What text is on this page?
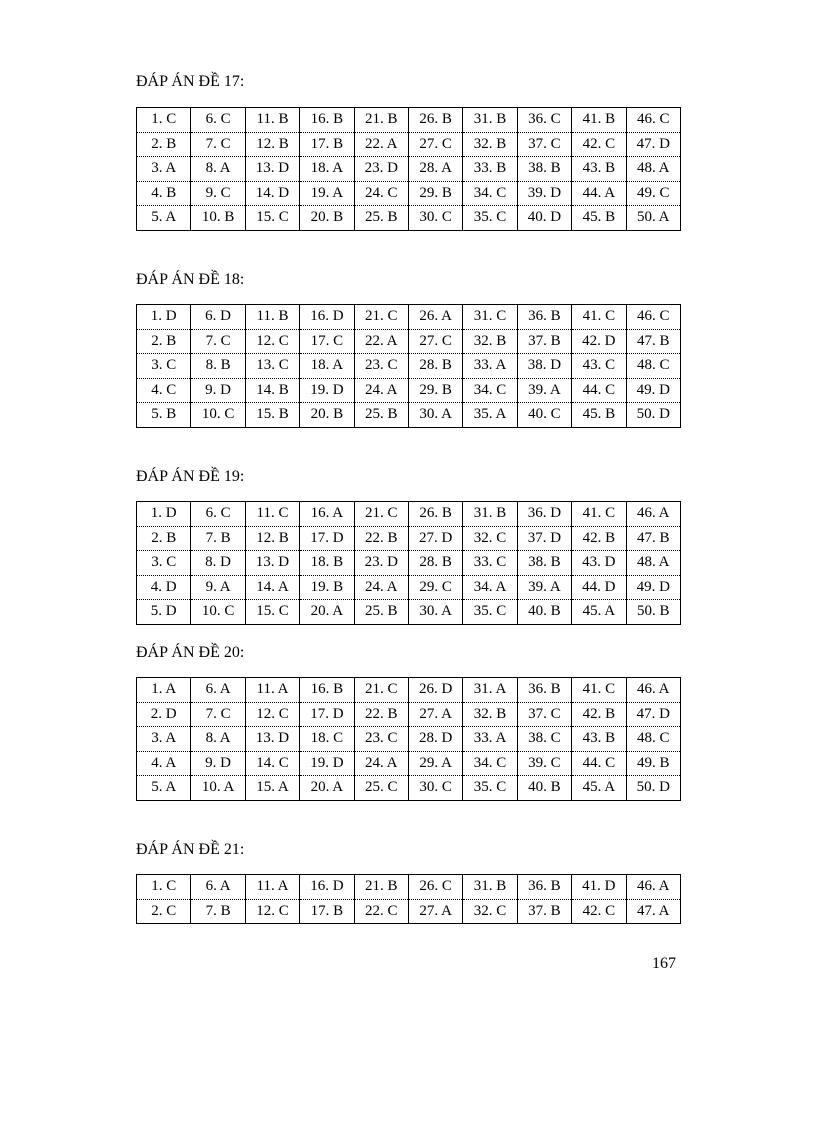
ĐÁP ÁN ĐỀ 17:
1. C	6. C	11. B	16. B	21. B	26. B	31. B	36. C	41. B	46. C
2. B	7. C	12. B	17. B	22. A	27. C	32. B	37. C	42. C	47. D
3. A	8. A	13. D	18. A	23. D	28. A	33. B	38. B	43. B	48. A
4. B	9. C	14. D	19. A	24. C	29. B	34. C	39. D	44. A	49. C
5. A	10. B	15. C	20. B	25. B	30. C	35. C	40. D	45. B	50. A
ĐÁP ÁN ĐỀ 18:
1. D	6. D	11. B	16. D	21. C	26. A	31. C	36. B	41. C	46. C
2. B	7. C	12. C	17. C	22. A	27. C	32. B	37. B	42. D	47. B
3. C	8. B	13. C	18. A	23. C	28. B	33. A	38. D	43. C	48. C
4. C	9. D	14. B	19. D	24. A	29. B	34. C	39. A	44. C	49. D
5. B	10. C	15. B	20. B	25. B	30. A	35. A	40. C	45. B	50. D
ĐÁP ÁN ĐỀ 19:
1. D	6. C	11. C	16. A	21. C	26. B	31. B	36. D	41. C	46. A
2. B	7. B	12. B	17. D	22. B	27. D	32. C	37. D	42. B	47. B
3. C	8. D	13. D	18. B	23. D	28. B	33. C	38. B	43. D	48. A
4. D	9. A	14. A	19. B	24. A	29. C	34. A	39. A	44. D	49. D
5. D	10. C	15. C	20. A	25. B	30. A	35. C	40. B	45. A	50. B
ĐÁP ÁN ĐỀ 20:
1. A	6. A	11. A	16. B	21. C	26. D	31. A	36. B	41. C	46. A
2. D	7. C	12. C	17. D	22. B	27. A	32. B	37. C	42. B	47. D
3. A	8. A	13. D	18. C	23. C	28. D	33. A	38. C	43. B	48. C
4. A	9. D	14. C	19. D	24. A	29. A	34. C	39. C	44. C	49. B
5. A	10. A	15. A	20. A	25. C	30. C	35. C	40. B	45. A	50. D
ĐÁP ÁN ĐỀ 21:
1. C	6. A	11. A	16. D	21. B	26. C	31. B	36. B	41. D	46. A
2. C	7. B	12. C	17. B	22. C	27. A	32. C	37. B	42. C	47. A
167
